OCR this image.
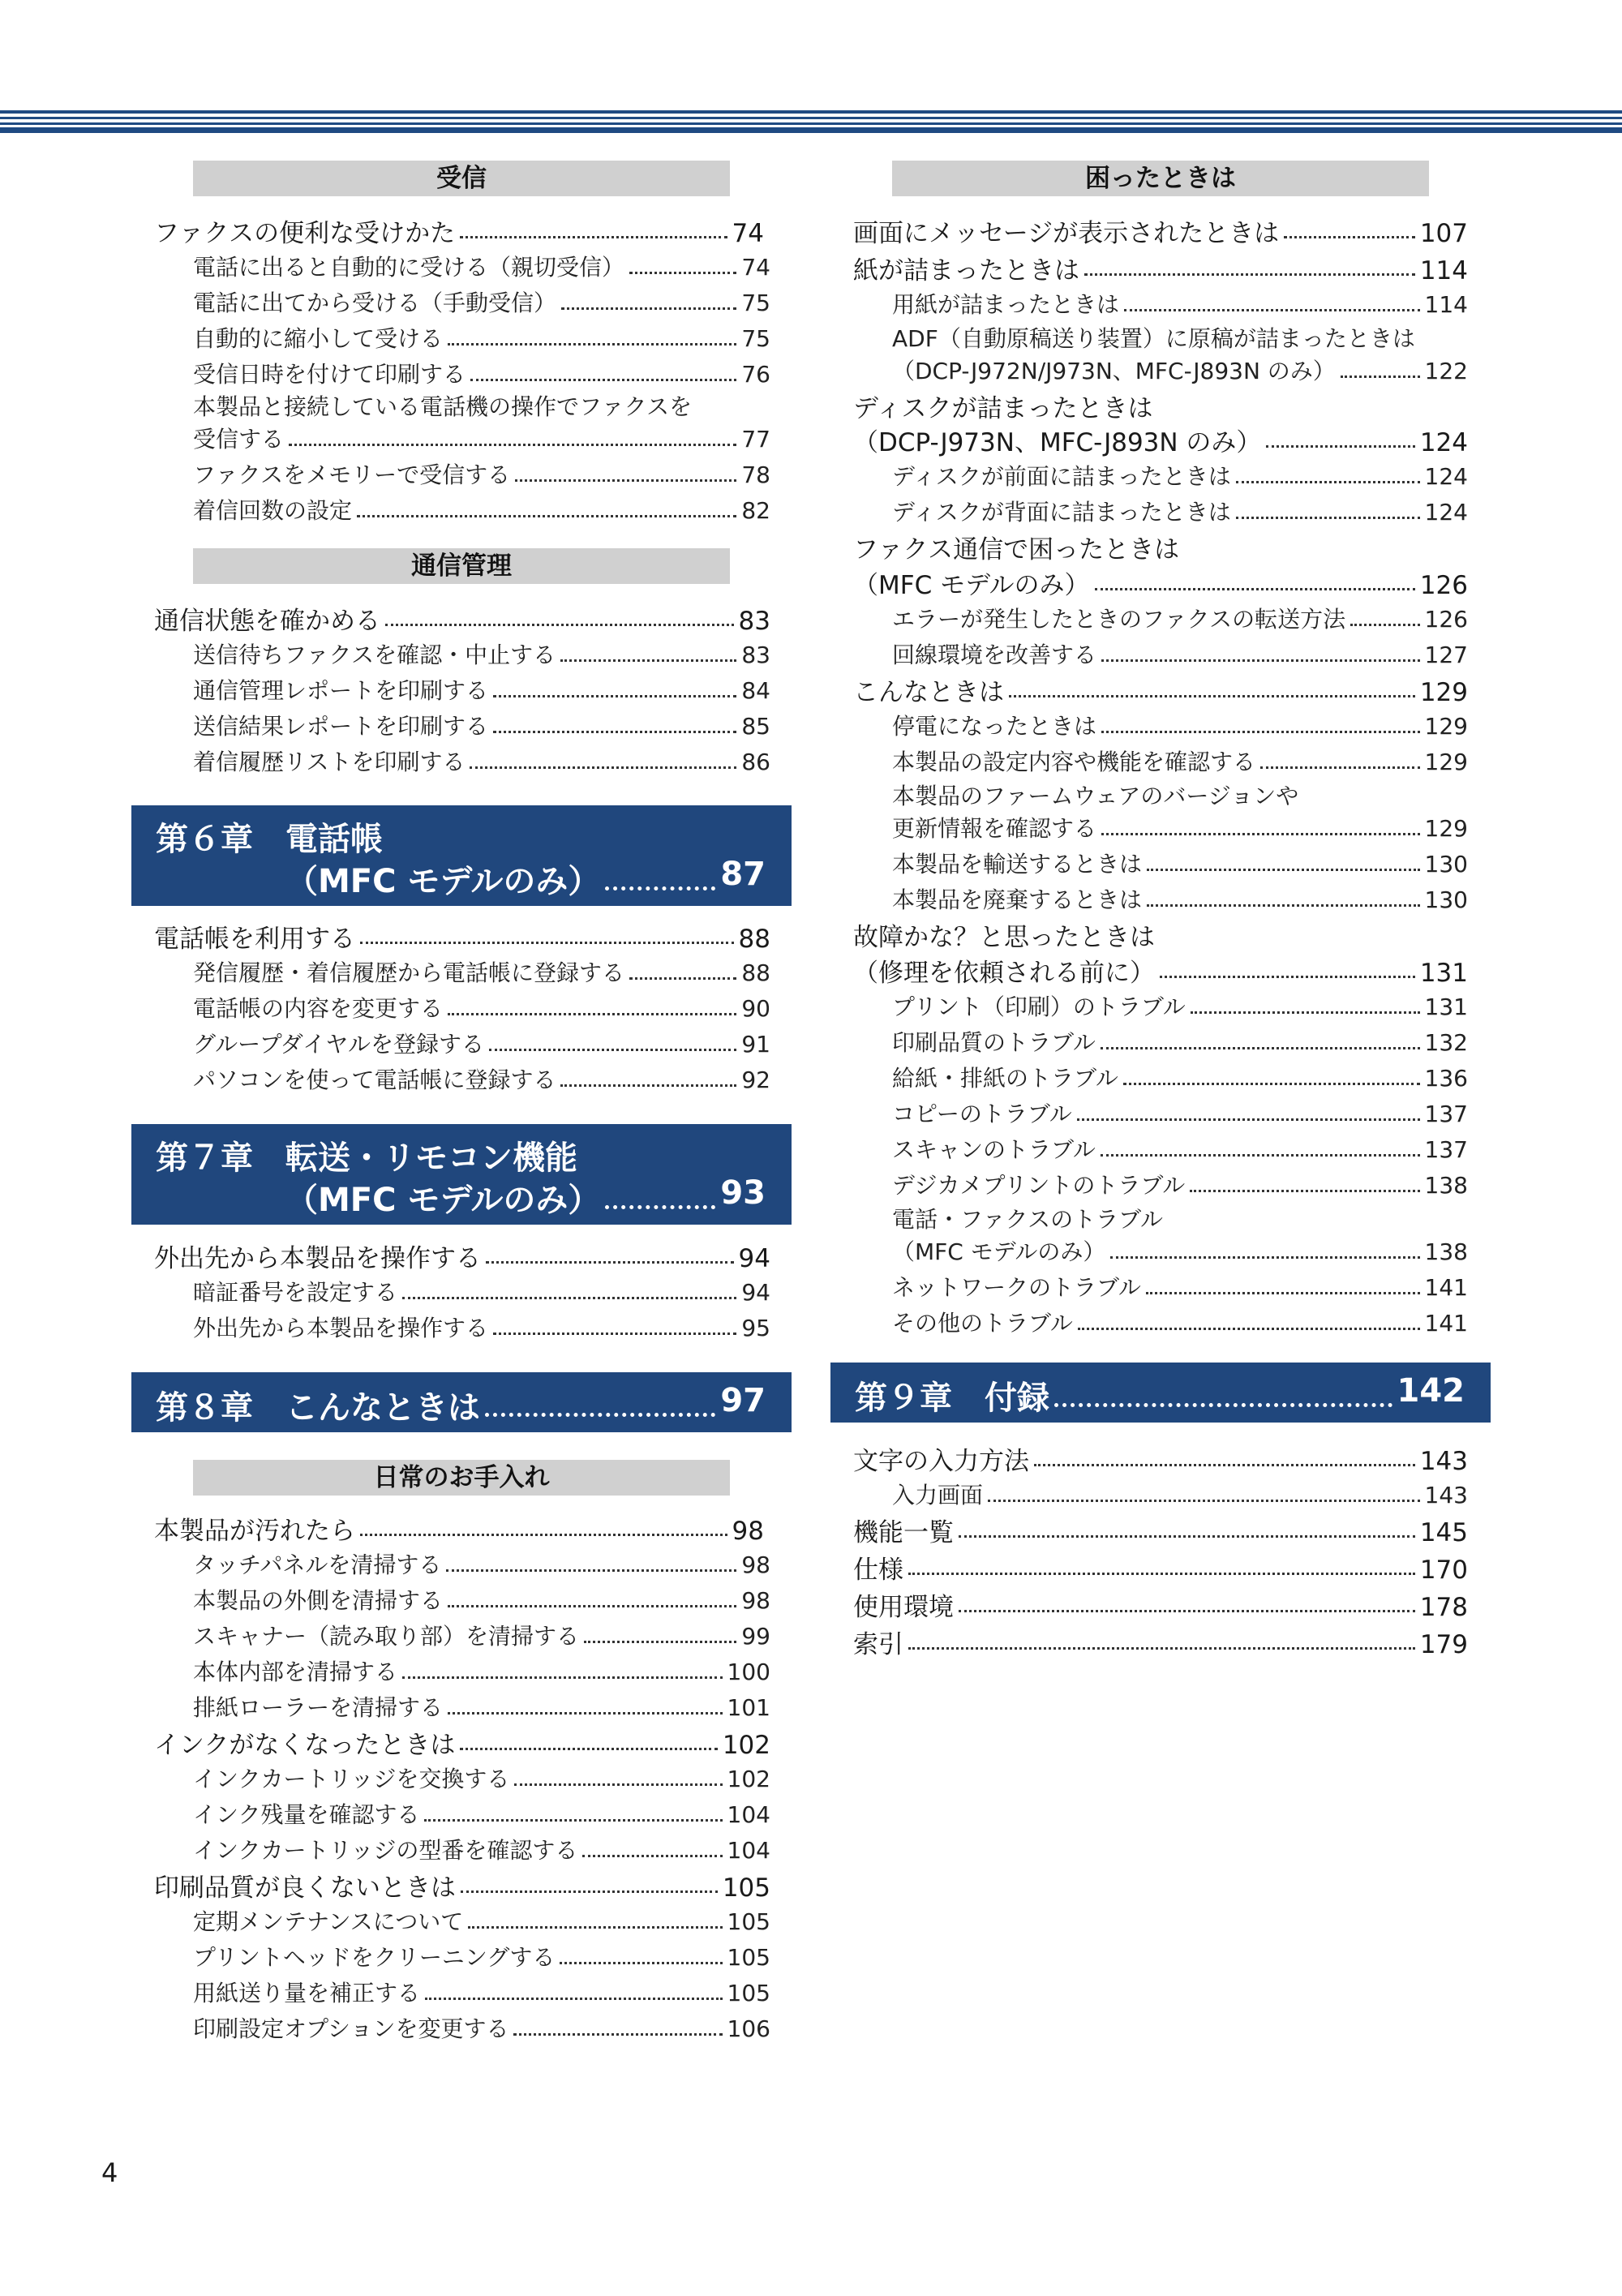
受信
ファクスの便利な受けかた	74
電話に出ると自動的に受ける（親切受信）	74
電話に出てから受ける（手動受信）	75
自動的に縮小して受ける	75
受信日時を付けて印刷する	76
本製品と接続している電話機の操作でファクスを
受信する	77
ファクスをメモリーで受信する	78
着信回数の設定	82
通信管理
通信状態を確かめる	83
送信待ちファクスを確認・中止する	83
通信管理レポートを印刷する	84
送信結果レポートを印刷する	85
着信履歴リストを印刷する	86
第６章　電話帳
（MFC モデルのみ）	87
電話帳を利用する	88
発信履歴・着信履歴から電話帳に登録する	88
電話帳の内容を変更する	90
グループダイヤルを登録する	91
パソコンを使って電話帳に登録する	92
第７章　転送・リモコン機能
（MFC モデルのみ）	93
外出先から本製品を操作する	94
暗証番号を設定する	94
外出先から本製品を操作する	95
第８章　こんなときは	97
日常のお手入れ
本製品が汚れたら	98
タッチパネルを清掃する	98
本製品の外側を清掃する	98
スキャナー（読み取り部）を清掃する	99
本体内部を清掃する	100
排紙ローラーを清掃する	101
インクがなくなったときは	102
インクカートリッジを交換する	102
インク残量を確認する	104
インクカートリッジの型番を確認する	104
印刷品質が良くないときは	105
定期メンテナンスについて	105
プリントヘッドをクリーニングする	105
用紙送り量を補正する	105
印刷設定オプションを変更する	106
困ったときは
画面にメッセージが表示されたときは	107
紙が詰まったときは	114
用紙が詰まったときは	114
ADF（自動原稿送り装置）に原稿が詰まったときは
（DCP-J972N/J973N、MFC-J893N のみ）	122
ディスクが詰まったときは
（DCP-J973N、MFC-J893N のみ）	124
ディスクが前面に詰まったときは	124
ディスクが背面に詰まったときは	124
ファクス通信で困ったときは
（MFC モデルのみ）	126
エラーが発生したときのファクスの転送方法	126
回線環境を改善する	127
こんなときは	129
停電になったときは	129
本製品の設定内容や機能を確認する	129
本製品のファームウェアのバージョンや
更新情報を確認する	129
本製品を輸送するときは	130
本製品を廃棄するときは	130
故障かな？と思ったときは
（修理を依頼される前に）	131
プリント（印刷）のトラブル	131
印刷品質のトラブル	132
給紙・排紙のトラブル	136
コピーのトラブル	137
スキャンのトラブル	137
デジカメプリントのトラブル	138
電話・ファクスのトラブル
（MFC モデルのみ）	138
ネットワークのトラブル	141
その他のトラブル	141
第９章　付録	142
文字の入力方法	143
入力画面	143
機能一覧	145
仕様	170
使用環境	178
索引	179
4
